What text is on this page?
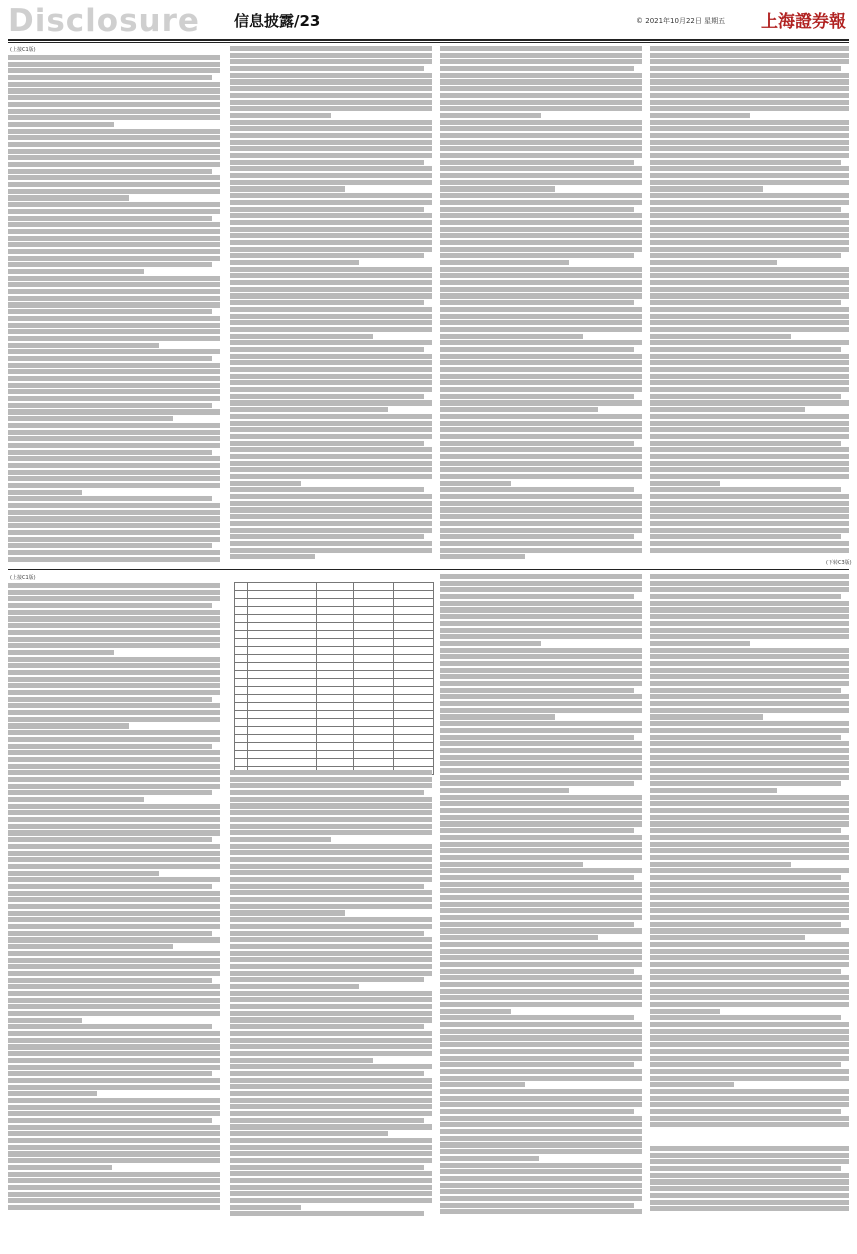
Disclosure 信息披露/23	© 2021年10月22日 星期五 上海證券報
(上接C1版)
(下转C3版)
(上接C1版)
